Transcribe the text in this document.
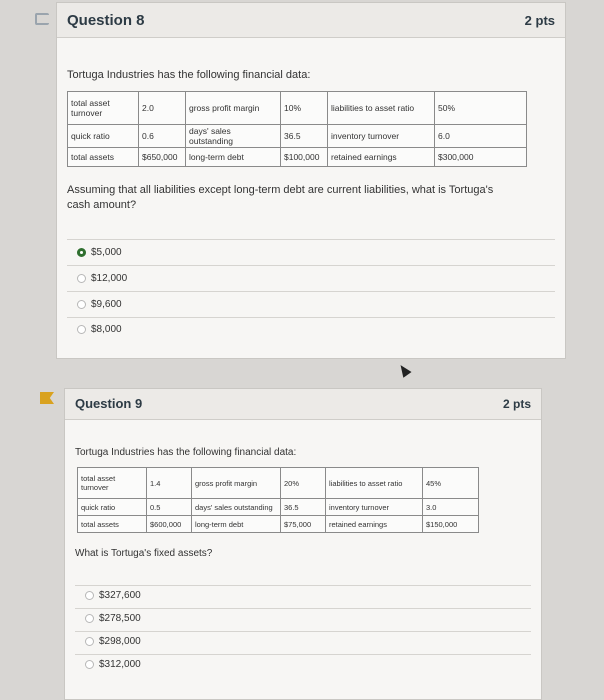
Question 8	2 pts
Tortuga Industries has the following financial data:
total asset
turnover	2.0	gross profit margin	10%	liabilities to asset ratio	50%
quick ratio	0.6	days' sales outstanding	36.5	inventory turnover	6.0
total assets	$650,000	long-term debt	$100,000	retained earnings	$300,000
Assuming that all liabilities except long-term debt are current liabilities, what is Tortuga's cash amount?
$5,000
$12,000
$9,600
$8,000
Question 9	2 pts
Tortuga Industries has the following financial data:
total asset
turnover	1.4	gross profit margin	20%	liabilities to asset ratio	45%
quick ratio	0.5	days' sales outstanding	36.5	inventory turnover	3.0
total assets	$600,000	long-term debt	$75,000	retained earnings	$150,000
What is Tortuga's fixed assets?
$327,600
$278,500
$298,000
$312,000
